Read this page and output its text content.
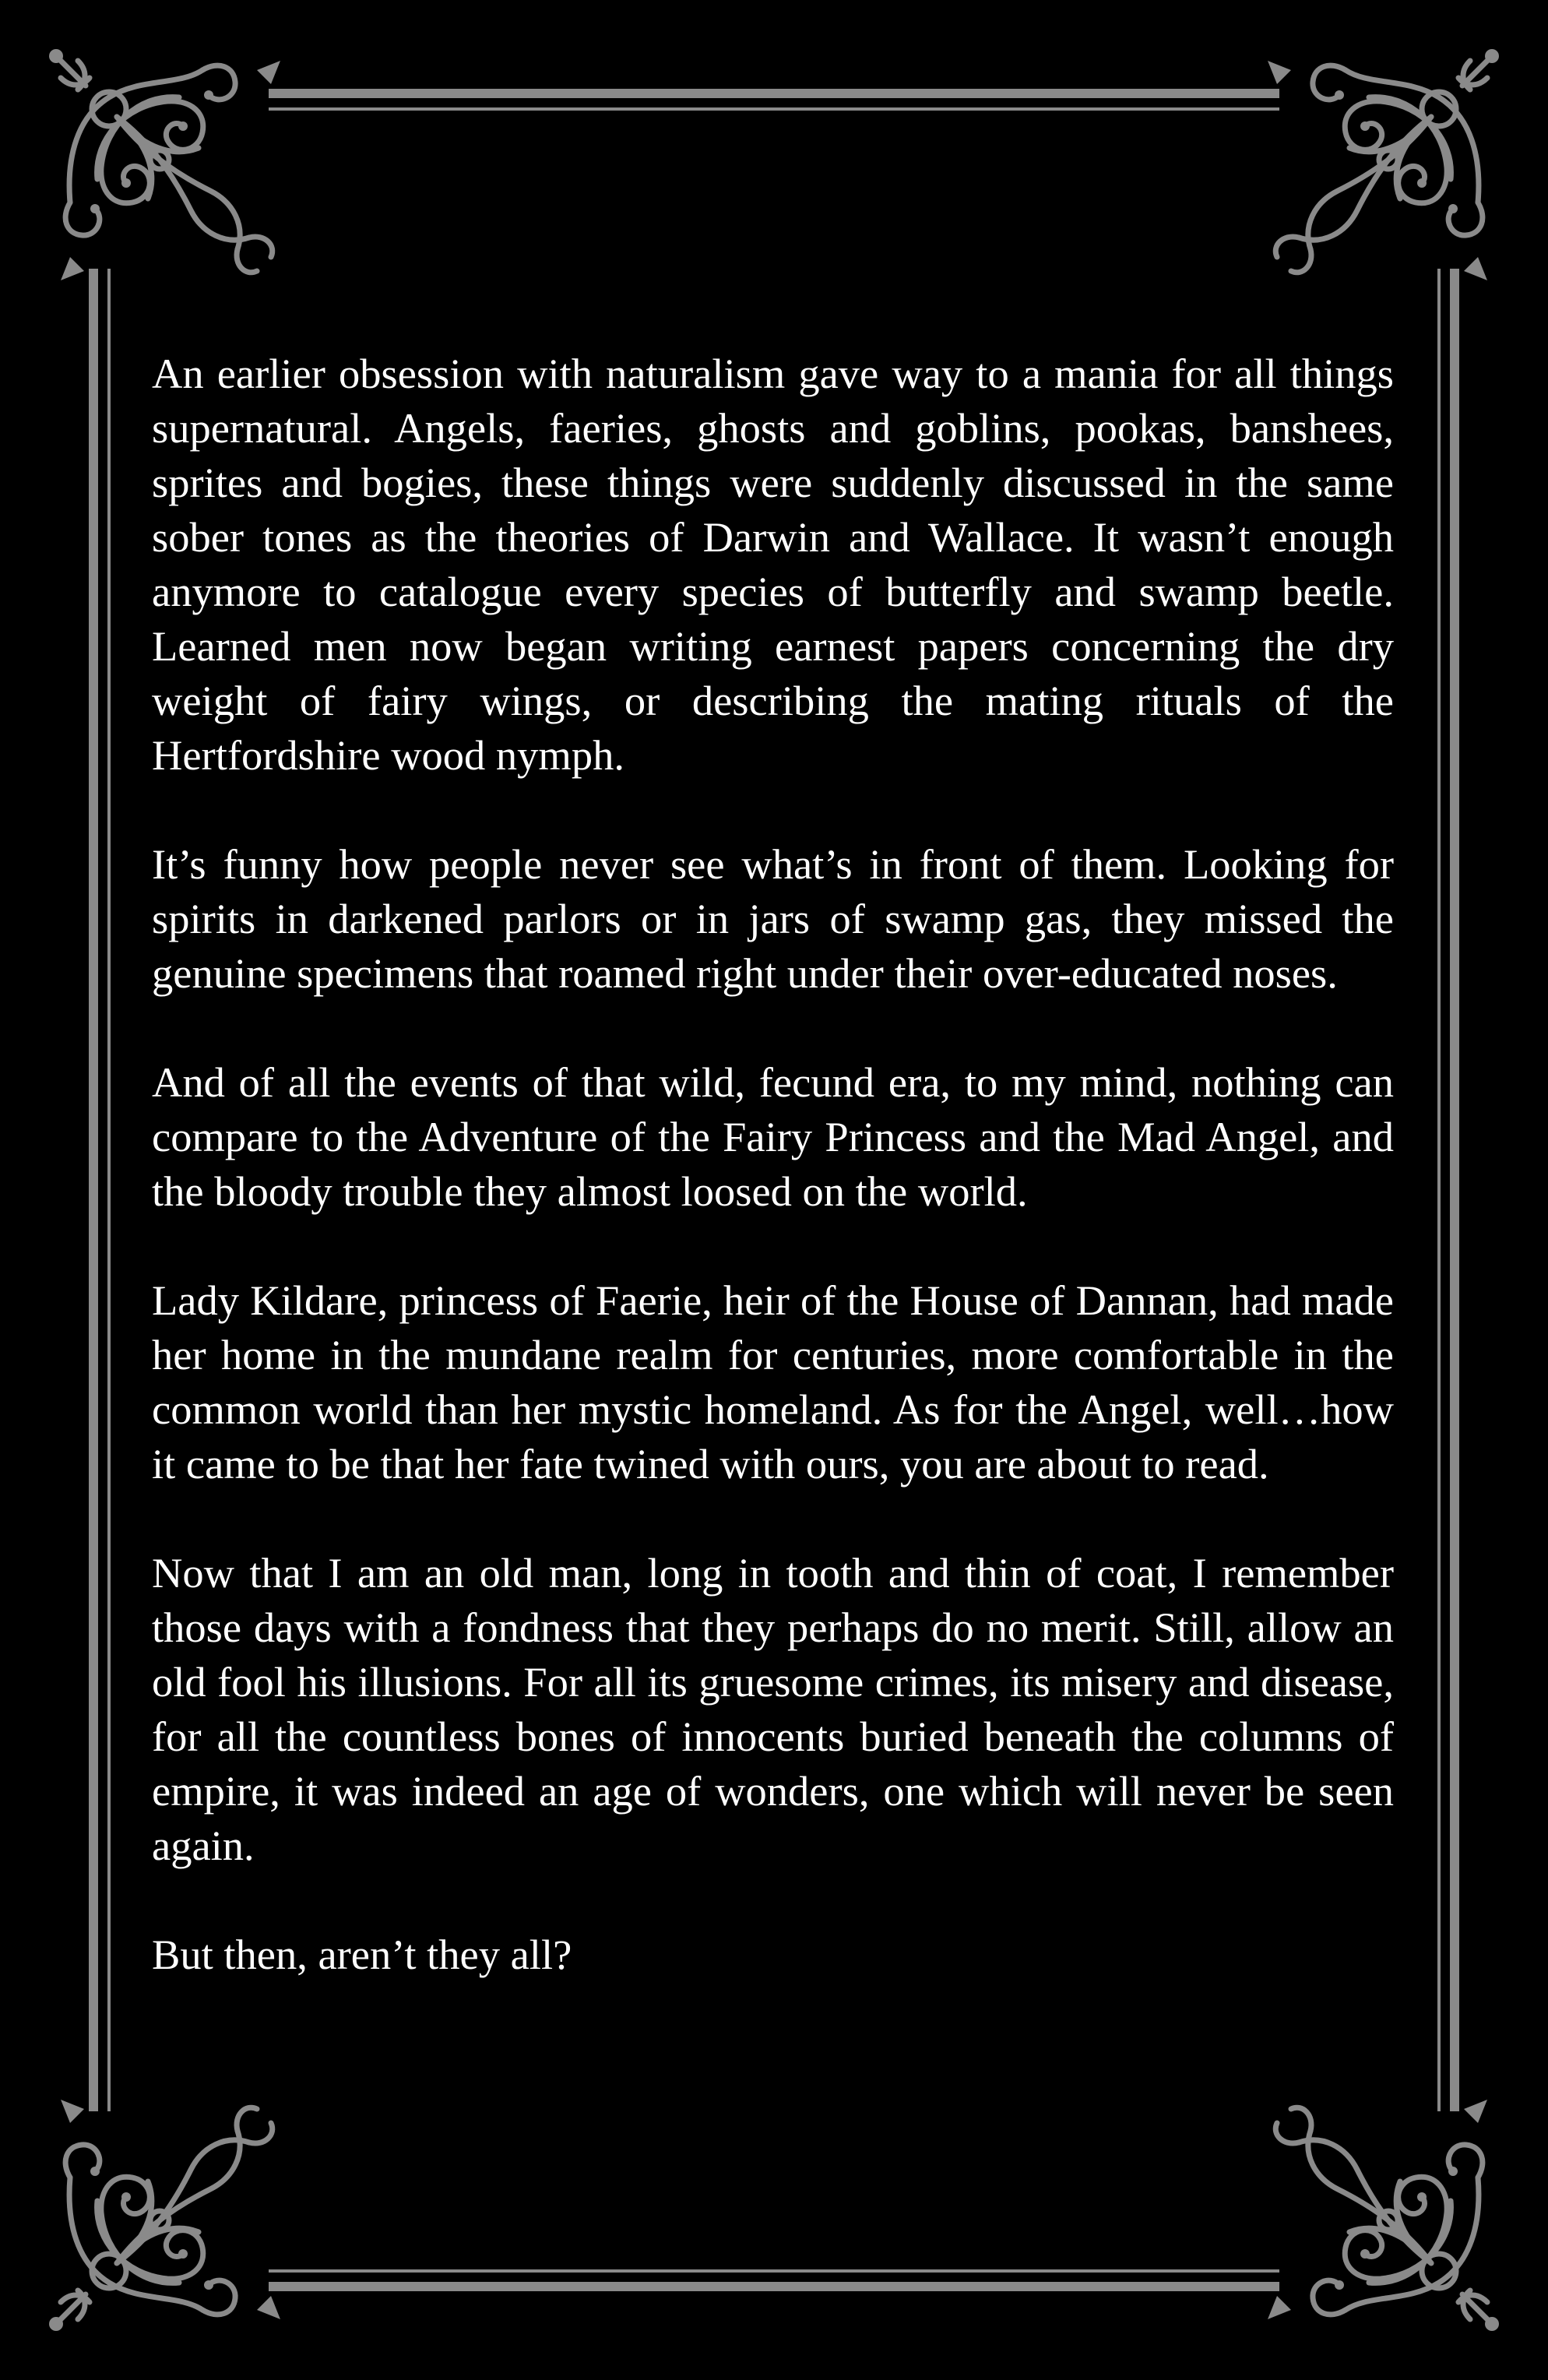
An earlier obsession with naturalism gave way to a mania for all things supernatural. Angels, faeries, ghosts and goblins, pookas, banshees, sprites and bogies, these things were suddenly discussed in the same sober tones as the theories of Darwin and Wallace. It wasn’t enough anymore to catalogue every species of butterfly and swamp beetle. Learned men now began writing earnest papers concerning the dry weight of fairy wings, or describing the mating rituals of the Hertfordshire wood nymph.

It’s funny how people never see what’s in front of them. Looking for spirits in darkened parlors or in jars of swamp gas, they missed the genuine specimens that roamed right under their over-educated noses.

And of all the events of that wild, fecund era, to my mind, nothing can compare to the Adventure of the Fairy Princess and the Mad Angel, and the bloody trouble they almost loosed on the world.

Lady Kildare, princess of Faerie, heir of the House of Dannan, had made her home in the mundane realm for centuries, more comfortable in the common world than her mystic homeland. As for the Angel, well…how it came to be that her fate twined with ours, you are about to read.

Now that I am an old man, long in tooth and thin of coat, I remember those days with a fondness that they perhaps do no merit. Still, allow an old fool his illusions. For all its gruesome crimes, its misery and disease, for all the countless bones of innocents buried beneath the columns of empire, it was indeed an age of wonders, one which will never be seen again.

But then, aren’t they all?
